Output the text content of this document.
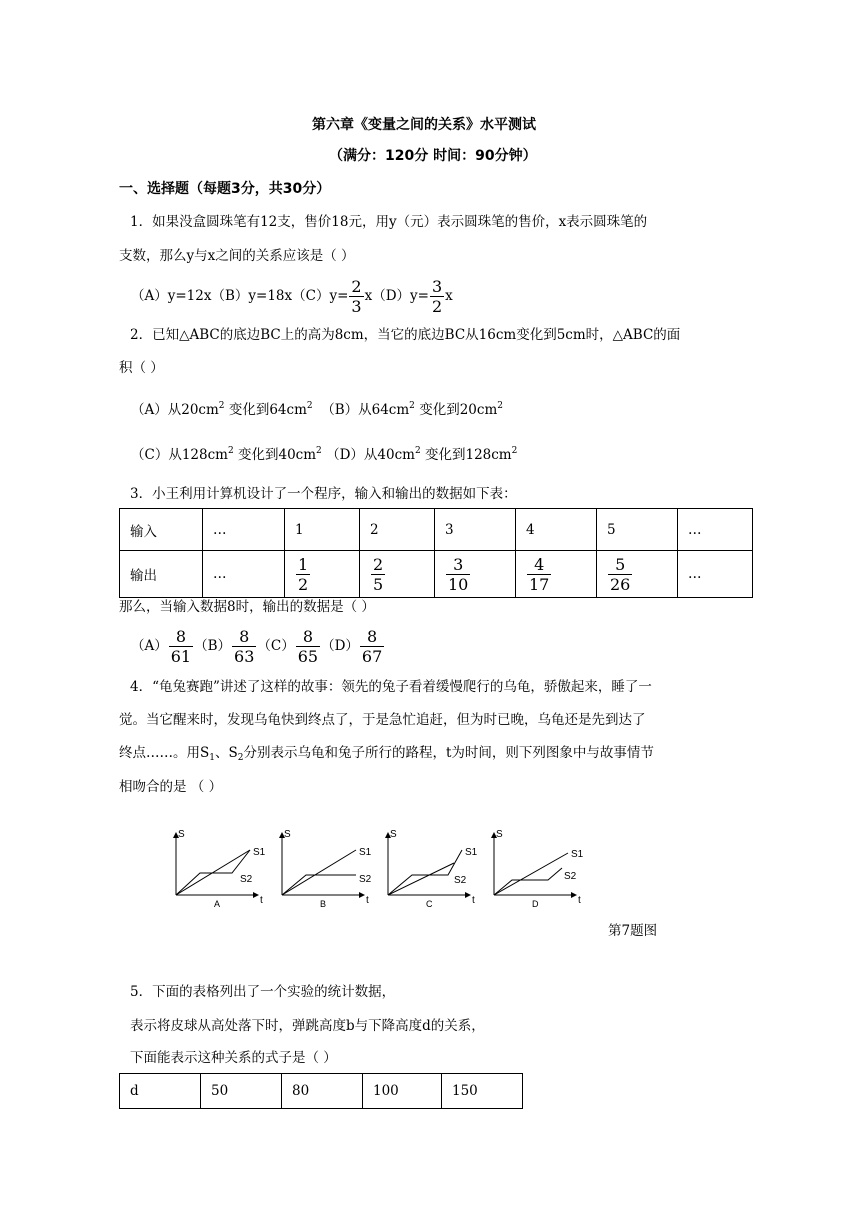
第六章《变量之间的关系》水平测试
（满分：120分 时间：90分钟）
一、选择题（每题3分，共30分）
1．如果没盒圆珠笔有12支，售价18元，用y（元）表示圆珠笔的售价，x表示圆珠笔的
支数，那么y与x之间的关系应该是（ ）
$(A)y=12x(B)y=18x(C)y= \frac{2}{3} x(D)y= \frac{3}{2}$ x
2．已知△ABC的底边BC上的高为8cm，当它的底边BC从16cm变化到5cm时，△ABC的面
积（ ）
（A）从$20cm^2$ 变化到$64cm^2$ （B）从$64cm^2$ 变化到$20cm^2$
（C）从$128cm^2$ 变化到$40cm^2$ （D）从$40cm^2$ 变化到$128cm^2$
3．小王利用计算机设计了一个程序，输入和输出的数据如下表：
输入	…	1	2	3	4	5	…
输出	…	$\frac{1}{2}$	$\frac{2}{5}$	$\frac{3}{10}$	$\frac{4}{17}$	$\frac{5}{26}$	…
那么，当输入数据8时，输出的数据是（ ）
$(A) \frac{8}{61} (B) \frac{8}{63} (C) \frac{8}{65} (D) \frac{8}{67}$
4．“龟兔赛跑”讲述了这样的故事：领先的兔子看着缓慢爬行的乌龟，骄傲起来，睡了一
觉。当它醒来时，发现乌龟快到终点了，于是急忙追赶，但为时已晚，乌龟还是先到达了
终点……。用$S_1$、$S_2$分别表示乌龟和兔子所行的路程，t为时间，则下列图象中与故事情节
相吻合的是 （ ）
S
t
S1
S2
A
S
t
S1
S2
B
S
t
S1
S2
C
S
t
S1
S2
D
第7题图
5．下面的表格列出了一个实验的统计数据，
表示将皮球从高处落下时，弹跳高度b与下降高度d的关系，
下面能表示这种关系的式子是（ ）
d	50	80	100	150
